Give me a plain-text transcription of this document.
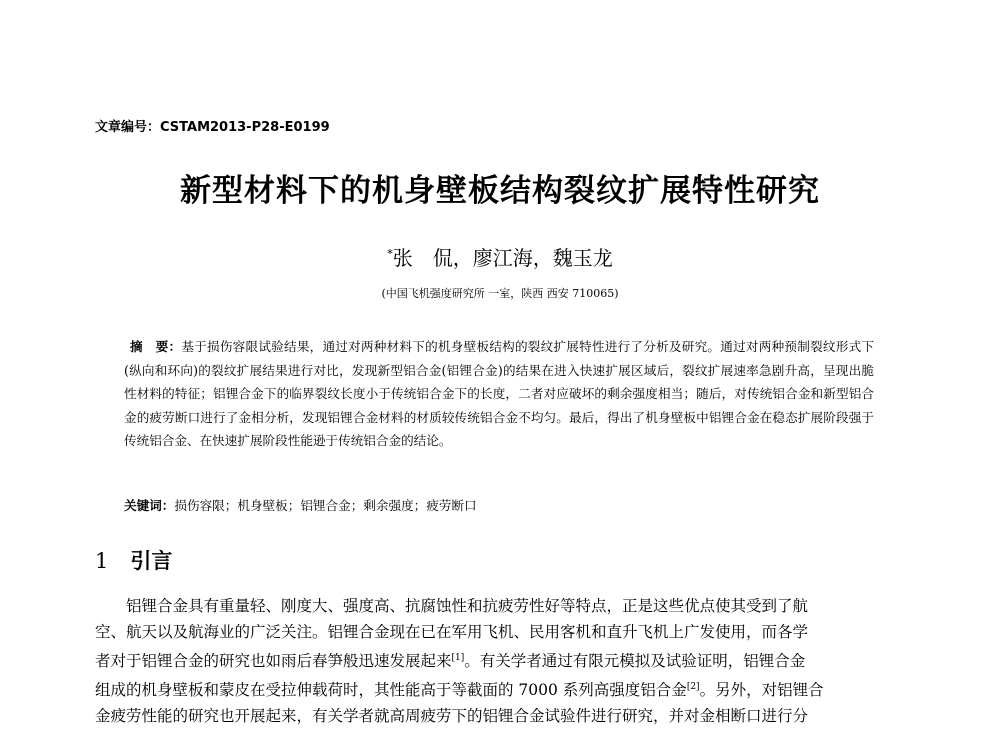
文章编号：CSTAM2013-P28-E0199
新型材料下的机身壁板结构裂纹扩展特性研究
*张　侃，廖江海，魏玉龙
(中国飞机强度研究所 一室，陕西 西安 710065)
摘　要：基于损伤容限试验结果，通过对两种材料下的机身壁板结构的裂纹扩展特性进行了分析及研究。通过对两种预制裂纹形式下(纵向和环向)的裂纹扩展结果进行对比，发现新型铝合金(铝锂合金)的结果在进入快速扩展区域后，裂纹扩展速率急剧升高，呈现出脆性材料的特征；铝锂合金下的临界裂纹长度小于传统铝合金下的长度，二者对应破坏的剩余强度相当；随后，对传统铝合金和新型铝合金的疲劳断口进行了金相分析，发现铝锂合金材料的材质较传统铝合金不均匀。最后，得出了机身壁板中铝锂合金在稳态扩展阶段强于传统铝合金、在快速扩展阶段性能逊于传统铝合金的结论。
关键词：损伤容限；机身壁板；铝锂合金；剩余强度；疲劳断口
1 引言
铝锂合金具有重量轻、刚度大、强度高、抗腐蚀性和抗疲劳性好等特点，正是这些优点使其受到了航
空、航天以及航海业的广泛关注。铝锂合金现在已在军用飞机、民用客机和直升飞机上广发使用，而各学
者对于铝锂合金的研究也如雨后春笋般迅速发展起来[1]。有关学者通过有限元模拟及试验证明，铝锂合金
组成的机身壁板和蒙皮在受拉伸载荷时，其性能高于等截面的 7000 系列高强度铝合金[2]。另外，对铝锂合
金疲劳性能的研究也开展起来，有关学者就高周疲劳下的铝锂合金试验件进行研究，并对金相断口进行分
